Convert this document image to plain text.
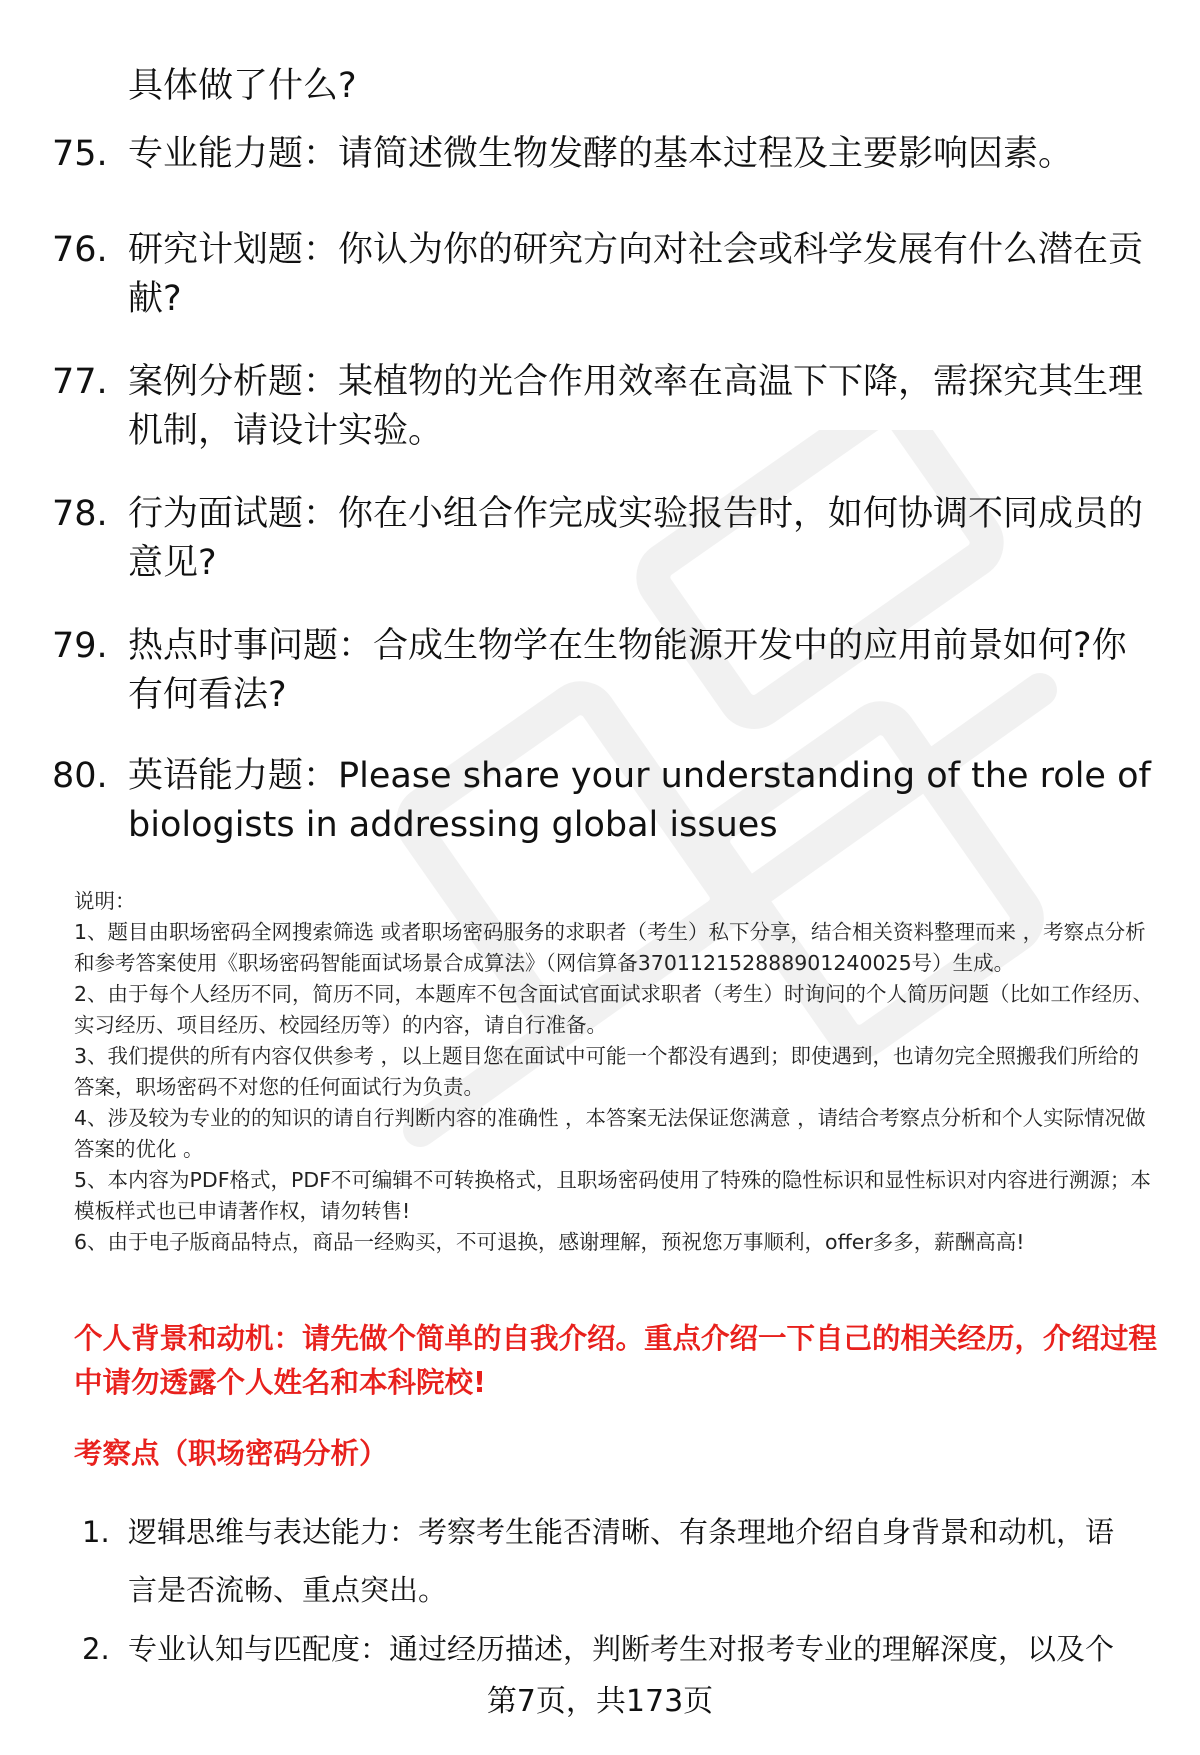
具体做了什么?
75. 专业能力题：请简述微生物发酵的基本过程及主要影响因素。
76. 研究计划题：你认为你的研究方向对社会或科学发展有什么潜在贡献?
77. 案例分析题：某植物的光合作用效率在高温下下降，需探究其生理机制，请设计实验。
78. 行为面试题：你在小组合作完成实验报告时，如何协调不同成员的意见?
79. 热点时事问题：合成生物学在生物能源开发中的应用前景如何?你有何看法?
80. 英语能力题：Please share your understanding of the role of biologists in addressing global issues
说明：
1、题目由职场密码全网搜索筛选 或者职场密码服务的求职者（考生）私下分享，结合相关资料整理而来 ，考察点分析和参考答案使用《职场密码智能面试场景合成算法》（网信算备370112152888901240025号）生成。
2、由于每个人经历不同，简历不同，本题库不包含面试官面试求职者（考生）时询问的个人简历问题（比如工作经历、实习经历、项目经历、校园经历等）的内容，请自行准备。
3、我们提供的所有内容仅供参考 ，以上题目您在面试中可能一个都没有遇到；即使遇到，也请勿完全照搬我们所给的答案，职场密码不对您的任何面试行为负责。
4、涉及较为专业的的知识的请自行判断内容的准确性 ，本答案无法保证您满意 ，请结合考察点分析和个人实际情况做答案的优化 。
5、本内容为PDF格式，PDF不可编辑不可转换格式，且职场密码使用了特殊的隐性标识和显性标识对内容进行溯源；本模板样式也已申请著作权，请勿转售!
6、由于电子版商品特点，商品一经购买，不可退换，感谢理解，预祝您万事顺利，offer多多，薪酬高高!
个人背景和动机：请先做个简单的自我介绍。重点介绍一下自己的相关经历，介绍过程中请勿透露个人姓名和本科院校!
考察点（职场密码分析）
1. 逻辑思维与表达能力：考察考生能否清晰、有条理地介绍自身背景和动机，语言是否流畅、重点突出。
2. 专业认知与匹配度：通过经历描述，判断考生对报考专业的理解深度，以及个
第7页，共173页
